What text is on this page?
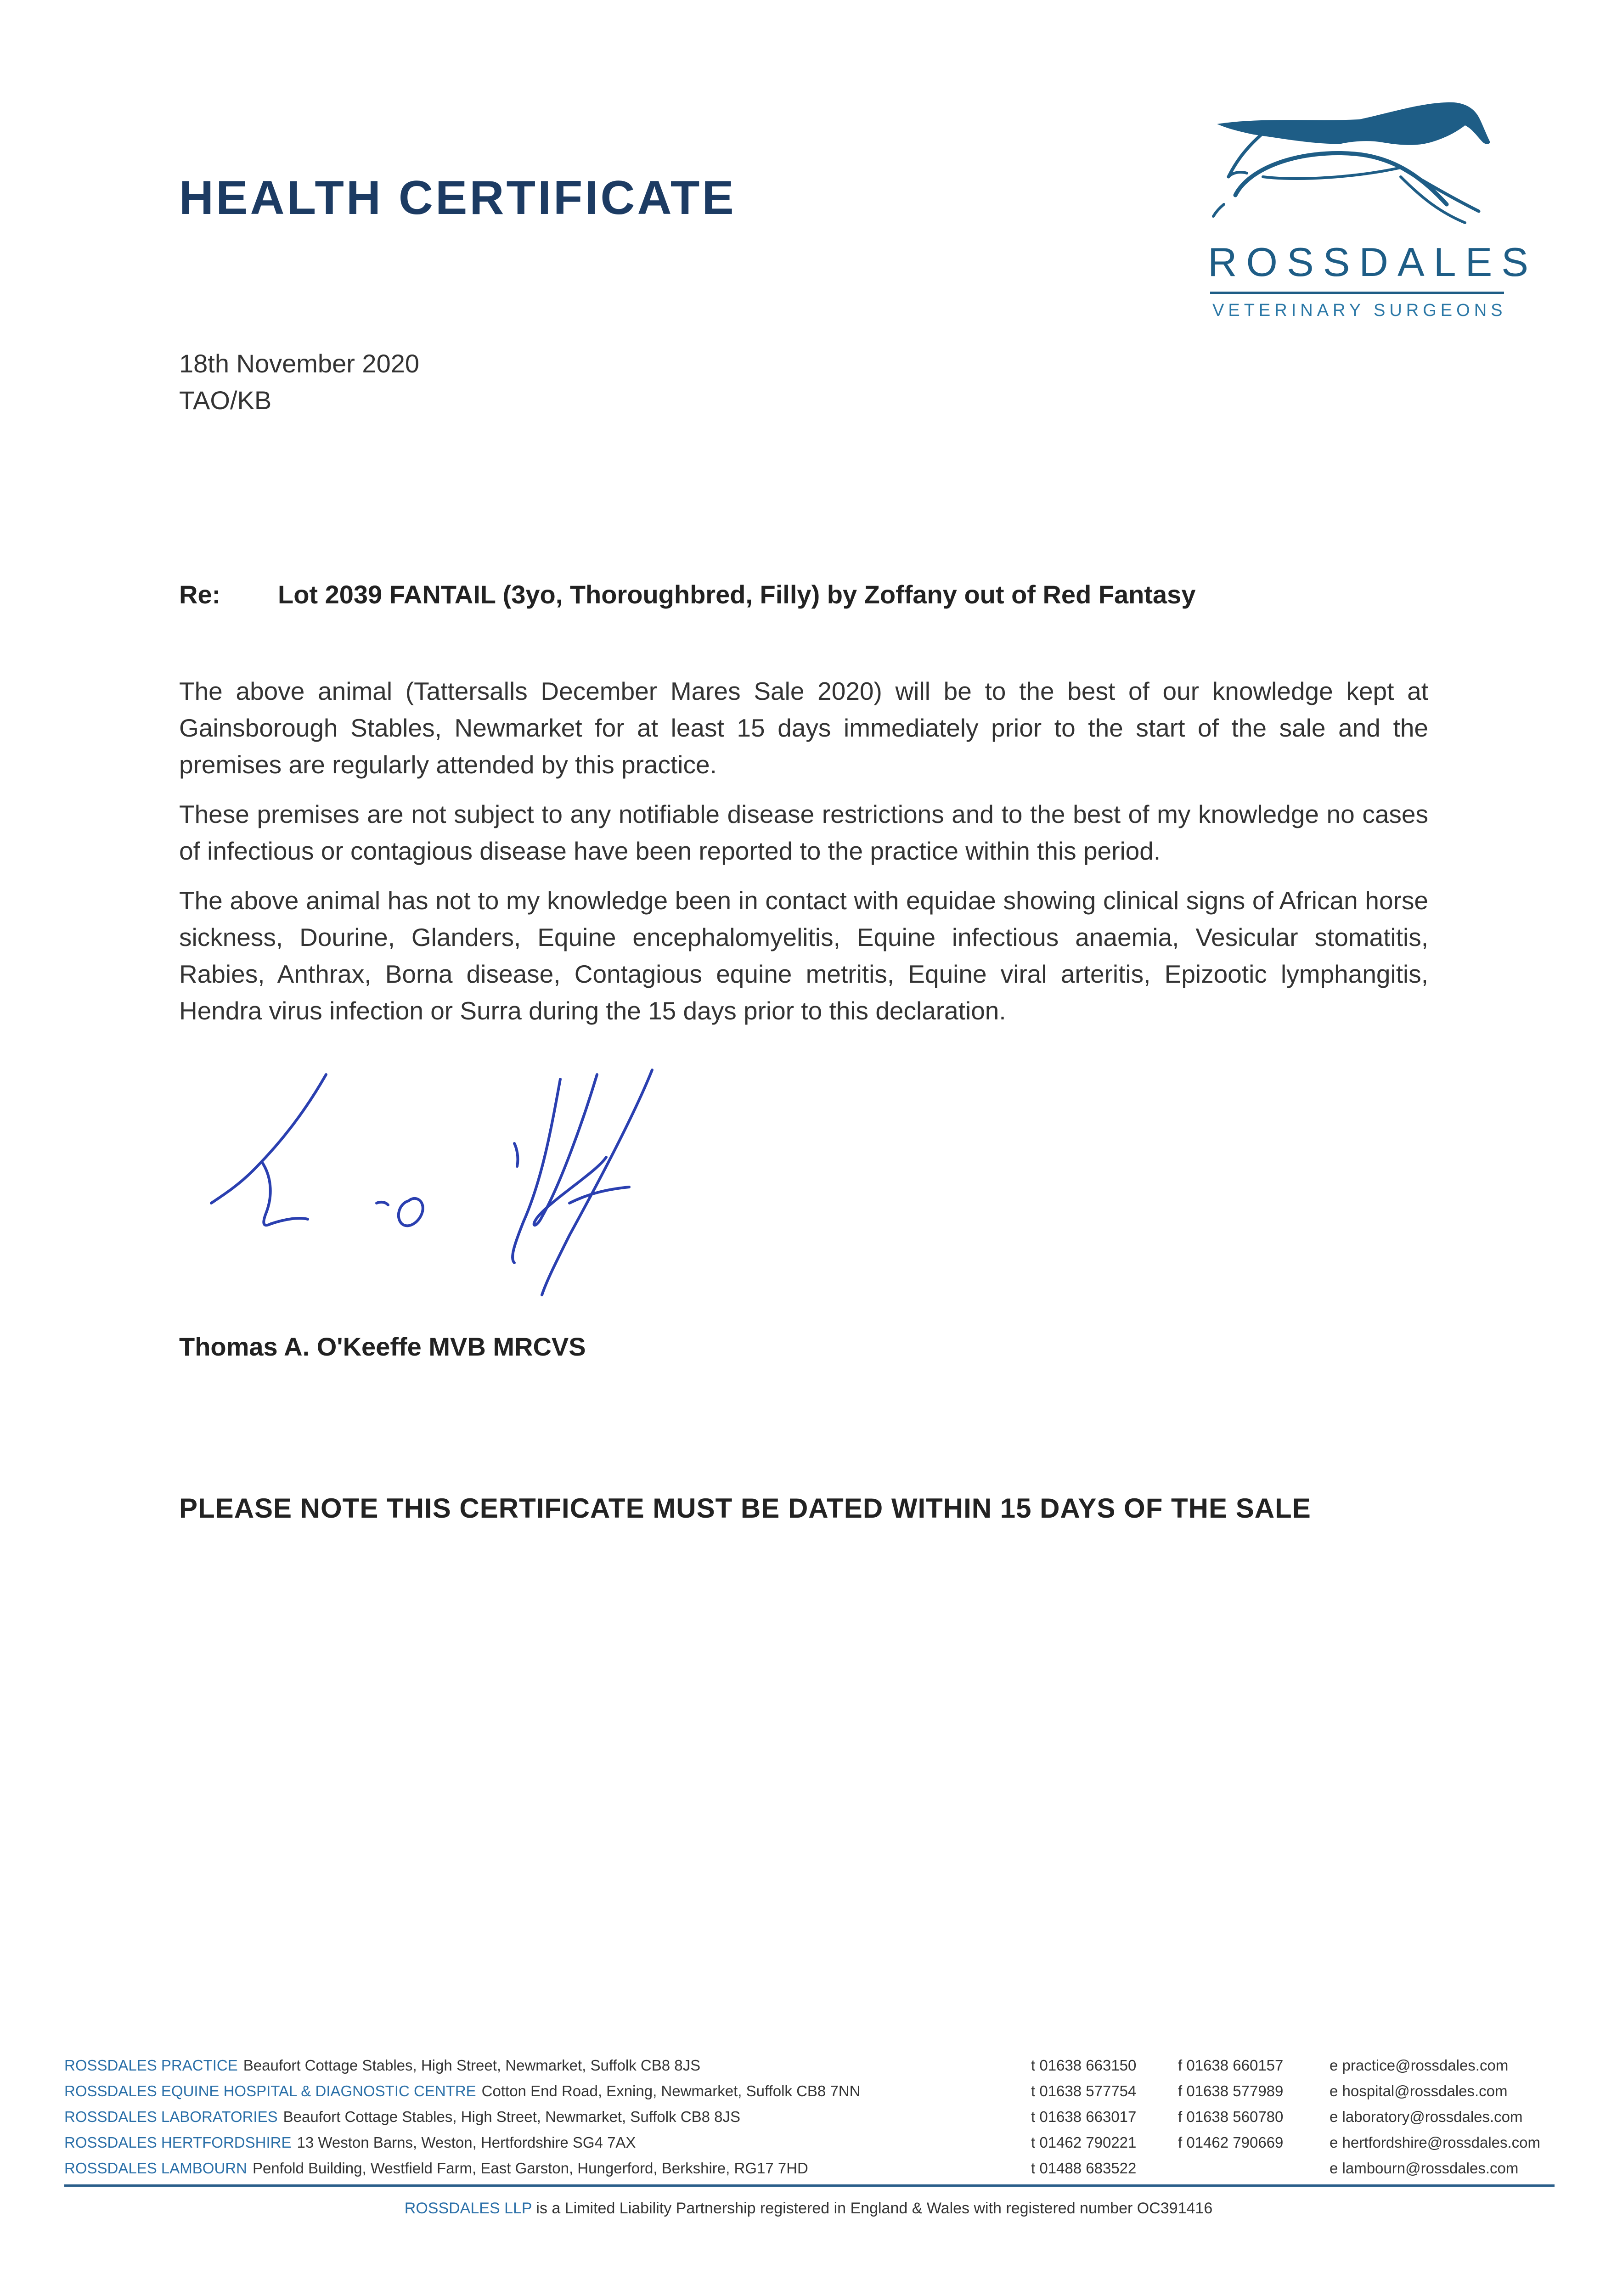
HEALTH CERTIFICATE
ROSSDALES
VETERINARY SURGEONS
18th November 2020
TAO/KB
Re: Lot 2039 FANTAIL (3yo, Thoroughbred, Filly) by Zoffany out of Red Fantasy

The above animal (Tattersalls December Mares Sale 2020) will be to the best of our knowledge kept at Gainsborough Stables, Newmarket for at least 15 days immediately prior to the start of the sale and the premises are regularly attended by this practice.

These premises are not subject to any notifiable disease restrictions and to the best of my knowledge no cases of infectious or contagious disease have been reported to the practice within this period.

The above animal has not to my knowledge been in contact with equidae showing clinical signs of African horse sickness, Dourine, Glanders, Equine encephalomyelitis, Equine infectious anaemia, Vesicular stomatitis, Rabies, Anthrax, Borna disease, Contagious equine metritis, Equine viral arteritis, Epizootic lymphangitis, Hendra virus infection or Surra during the 15 days prior to this declaration.

Thomas A. O'Keeffe MVB MRCVS
PLEASE NOTE THIS CERTIFICATE MUST BE DATED WITHIN 15 DAYS OF THE SALE
ROSSDALES PRACTICE Beaufort Cottage Stables, High Street, Newmarket, Suffolk CB8 8JS	t 01638 663150	f 01638 660157	e practice@rossdales.com
ROSSDALES EQUINE HOSPITAL & DIAGNOSTIC CENTRE Cotton End Road, Exning, Newmarket, Suffolk CB8 7NN	t 01638 577754	f 01638 577989	e hospital@rossdales.com
ROSSDALES LABORATORIES Beaufort Cottage Stables, High Street, Newmarket, Suffolk CB8 8JS	t 01638 663017	f 01638 560780	e laboratory@rossdales.com
ROSSDALES HERTFORDSHIRE 13 Weston Barns, Weston, Hertfordshire SG4 7AX	t 01462 790221	f 01462 790669	e hertfordshire@rossdales.com
ROSSDALES LAMBOURN Penfold Building, Westfield Farm, East Garston, Hungerford, Berkshire, RG17 7HD	t 01488 683522	e lambourn@rossdales.com
ROSSDALES LLP is a Limited Liability Partnership registered in England & Wales with registered number OC391416
